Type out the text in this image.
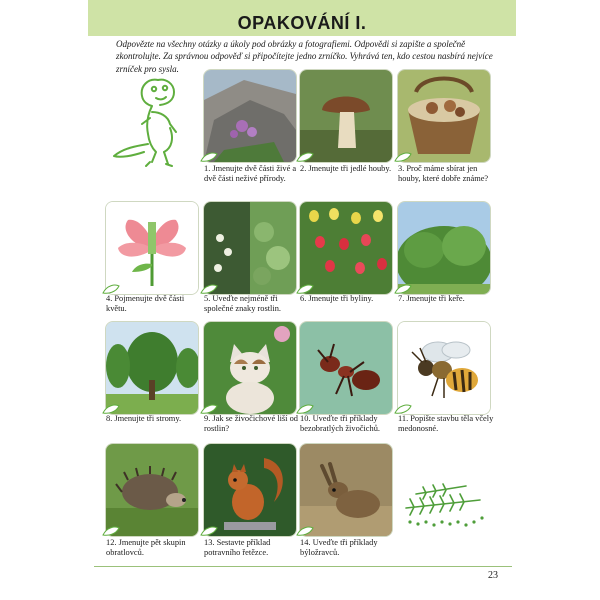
OPAKOVÁNÍ I.
Odpovězte na všechny otázky a úkoly pod obrázky a fotografiemi. Odpovědi si zapište a společně zkontrolujte. Za správnou odpověď si připočítejte jedno zrníčko. Vyhrává ten, kdo cestou nasbírá nejvíce zrníček pro sysla.
1. Jmenujte dvě části živé a dvě části neživé přírody.
2. Jmenujte tři jedlé houby. 3. Proč máme sbírat jen houby, které dobře známe?
4. Pojmenujte dvě části květu.
5. Uveďte nejméně tři společné znaky rostlin.
6. Jmenujte tři byliny.	7. Jmenujte tři keře.
8. Jmenujte tři stromy.	9. Jak se živočichové liší od rostlin?
10. Uveďte tři příklady bezobratlých živočichů.
11. Popište stavbu těla včely medonosné.
12. Jmenujte pět skupin obratlovců.
13. Sestavte příklad potravního řetězce.
14. Uveďte tři příklady býložravců.
23
